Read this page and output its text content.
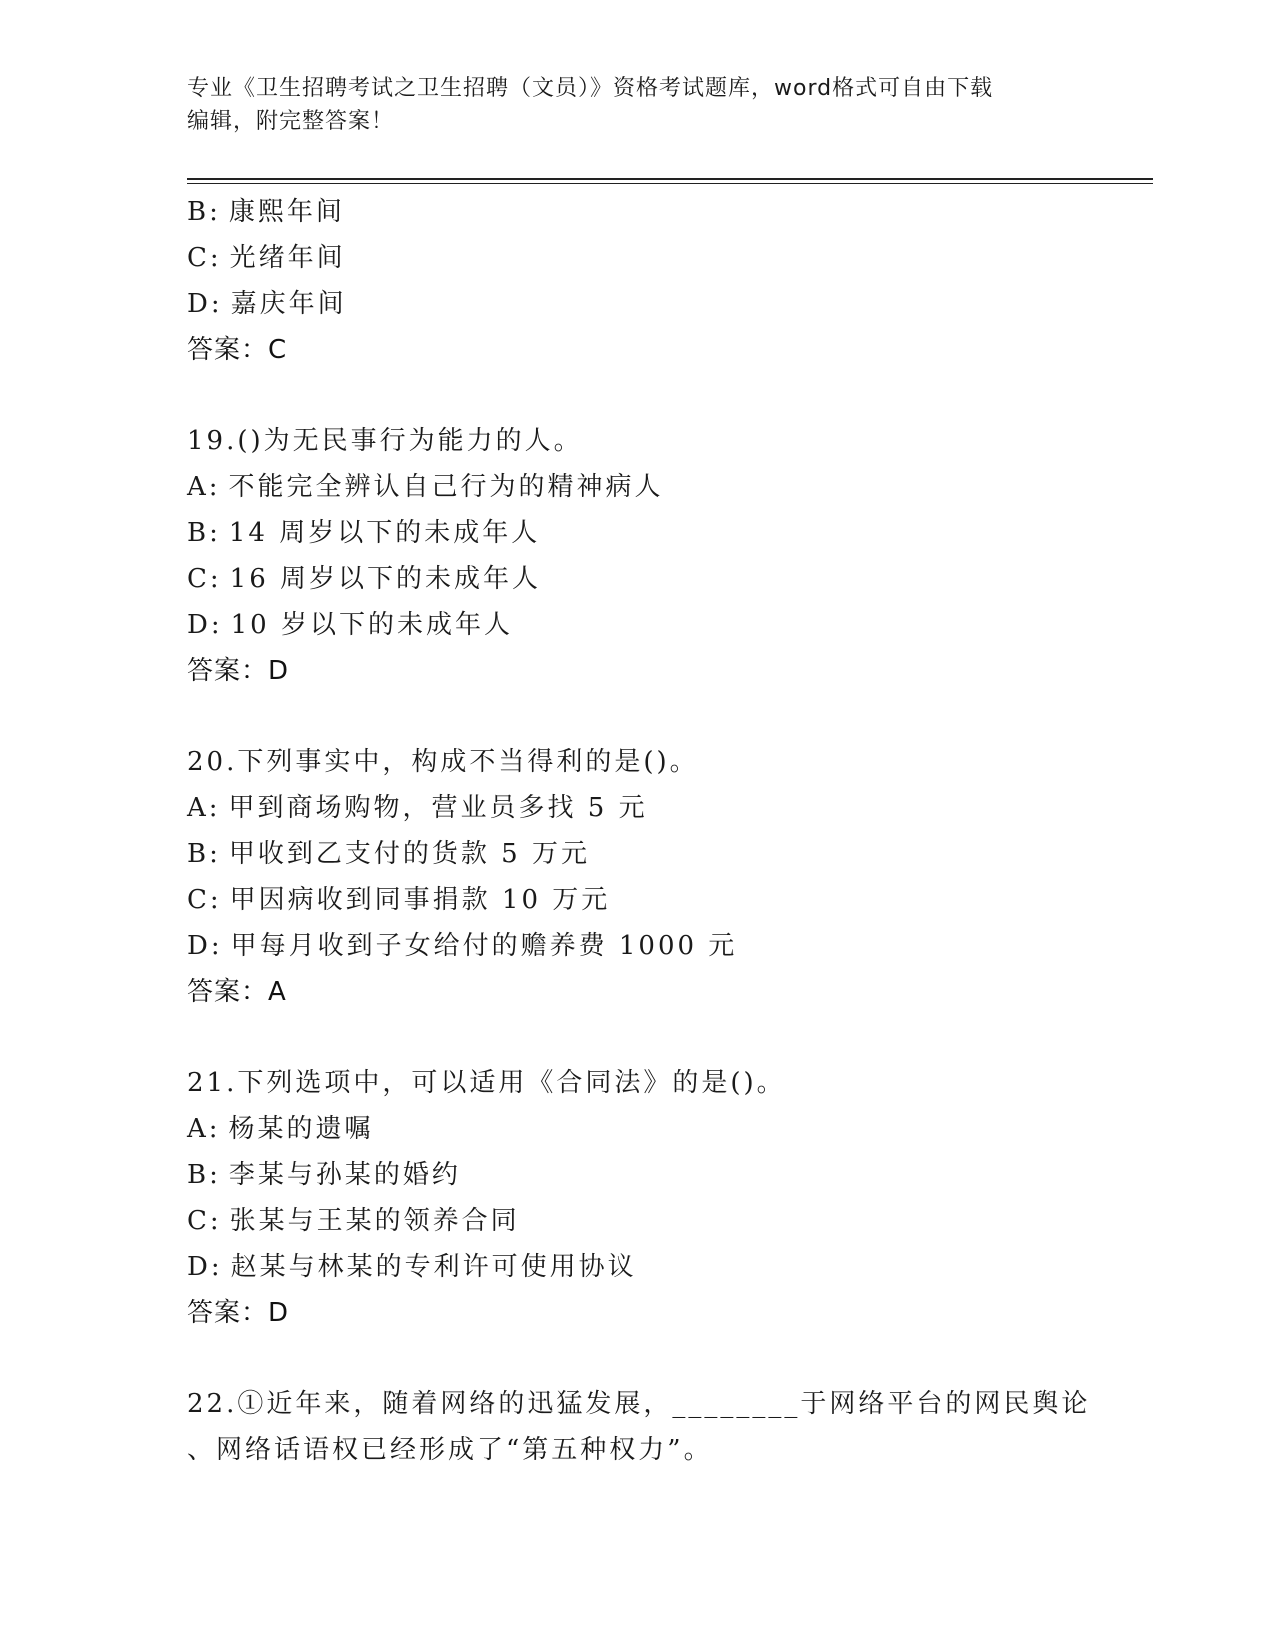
专业《卫生招聘考试之卫生招聘（文员）》资格考试题库，word格式可自由下载
编辑，附完整答案！
B: 康熙年间
C: 光绪年间
D: 嘉庆年间
答案：C
19.()为无民事行为能力的人。
A: 不能完全辨认自己行为的精神病人
B: 14 周岁以下的未成年人
C: 16 周岁以下的未成年人
D: 10 岁以下的未成年人
答案：D
20.下列事实中，构成不当得利的是()。
A: 甲到商场购物，营业员多找 5 元
B: 甲收到乙支付的货款 5 万元
C: 甲因病收到同事捐款 10 万元
D: 甲每月收到子女给付的赡养费 1000 元
答案：A
21.下列选项中，可以适用《合同法》的是()。
A: 杨某的遗嘱
B: 李某与孙某的婚约
C: 张某与王某的领养合同
D: 赵某与林某的专利许可使用协议
答案：D
22.①近年来，随着网络的迅猛发展，________于网络平台的网民舆论
、网络话语权已经形成了“第五种权力”。
